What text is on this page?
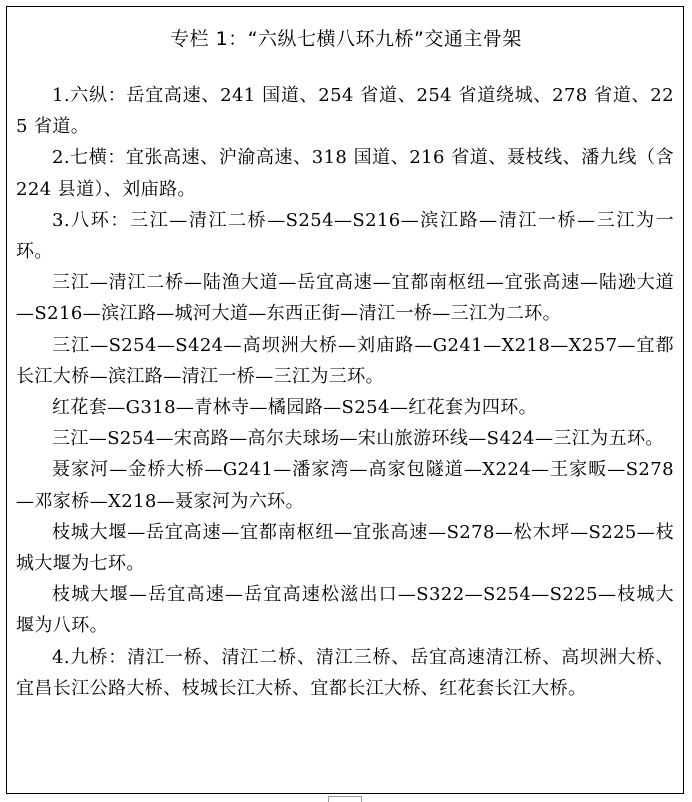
专栏 1：“六纵七横八环九桥”交通主骨架

1.六纵：岳宜高速、241 国道、254 省道、254 省道绕城、278 省道、225 省道。

2.七横：宜张高速、沪渝高速、318 国道、216 省道、聂枝线、潘九线（含 224 县道）、刘庙路。

3.八环：三江—清江二桥—S254—S216—滨江路—清江一桥—三江为一环。

三江—清江二桥—陆渔大道—岳宜高速—宜都南枢纽—宜张高速—陆逊大道—S216—滨江路—城河大道—东西正街—清江一桥—三江为二环。

三江—S254—S424—高坝洲大桥—刘庙路—G241—X218—X257—宜都长江大桥—滨江路—清江一桥—三江为三环。

红花套—G318—青林寺—橘园路—S254—红花套为四环。

三江—S254—宋高路—高尔夫球场—宋山旅游环线—S424—三江为五环。

聂家河—金桥大桥—G241—潘家湾—高家包隧道—X224—王家畈—S278—邓家桥—X218—聂家河为六环。

枝城大堰—岳宜高速—宜都南枢纽—宜张高速—S278—松木坪—S225—枝城大堰为七环。

枝城大堰—岳宜高速—岳宜高速松滋出口—S322—S254—S225—枝城大堰为八环。

4.九桥：清江一桥、清江二桥、清江三桥、岳宜高速清江桥、高坝洲大桥、宜昌长江公路大桥、枝城长江大桥、宜都长江大桥、红花套长江大桥。
